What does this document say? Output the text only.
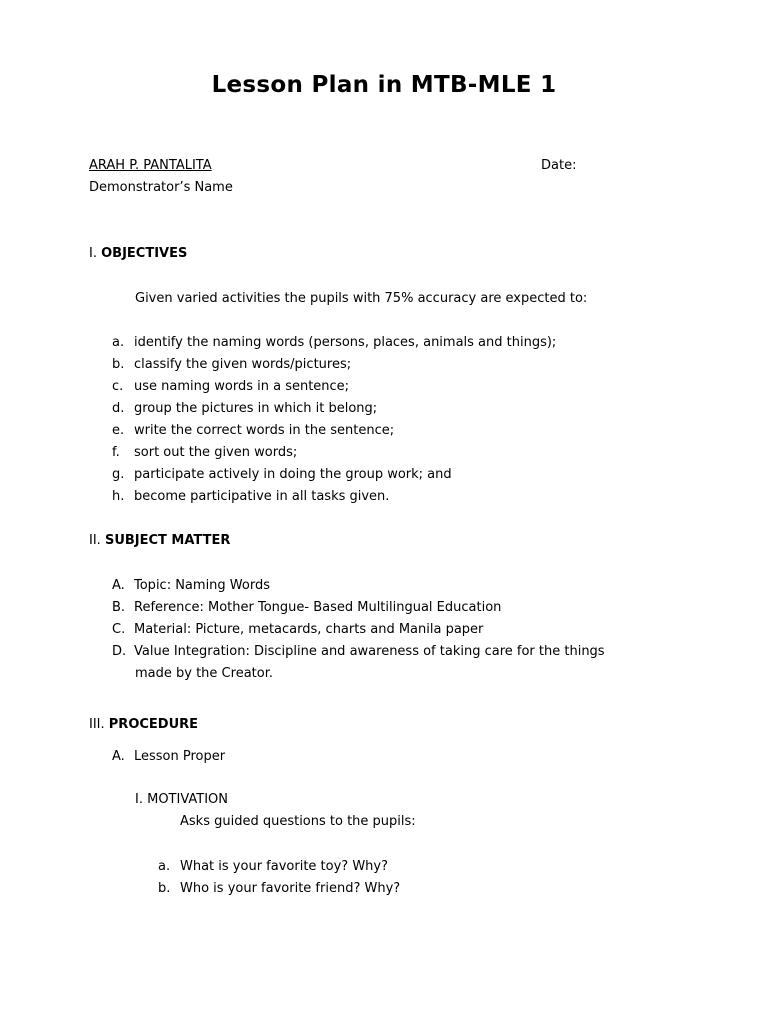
Lesson Plan in MTB-MLE 1
ARAH P. PANTALITA	Date:
Demonstrator’s Name
I. OBJECTIVES
Given varied activities the pupils with 75% accuracy are expected to:
a. identify the naming words (persons, places, animals and things);
b. classify the given words/pictures;
c. use naming words in a sentence;
d. group the pictures in which it belong;
e. write the correct words in the sentence;
f. sort out the given words;
g. participate actively in doing the group work; and
h. become participative in all tasks given.
II. SUBJECT MATTER
A. Topic: Naming Words
B. Reference: Mother Tongue- Based Multilingual Education
C. Material: Picture, metacards, charts and Manila paper
D. Value Integration: Discipline and awareness of taking care for the things
made by the Creator.
III. PROCEDURE
A. Lesson Proper
I. MOTIVATION
Asks guided questions to the pupils:
a. What is your favorite toy? Why?
b. Who is your favorite friend? Why?
